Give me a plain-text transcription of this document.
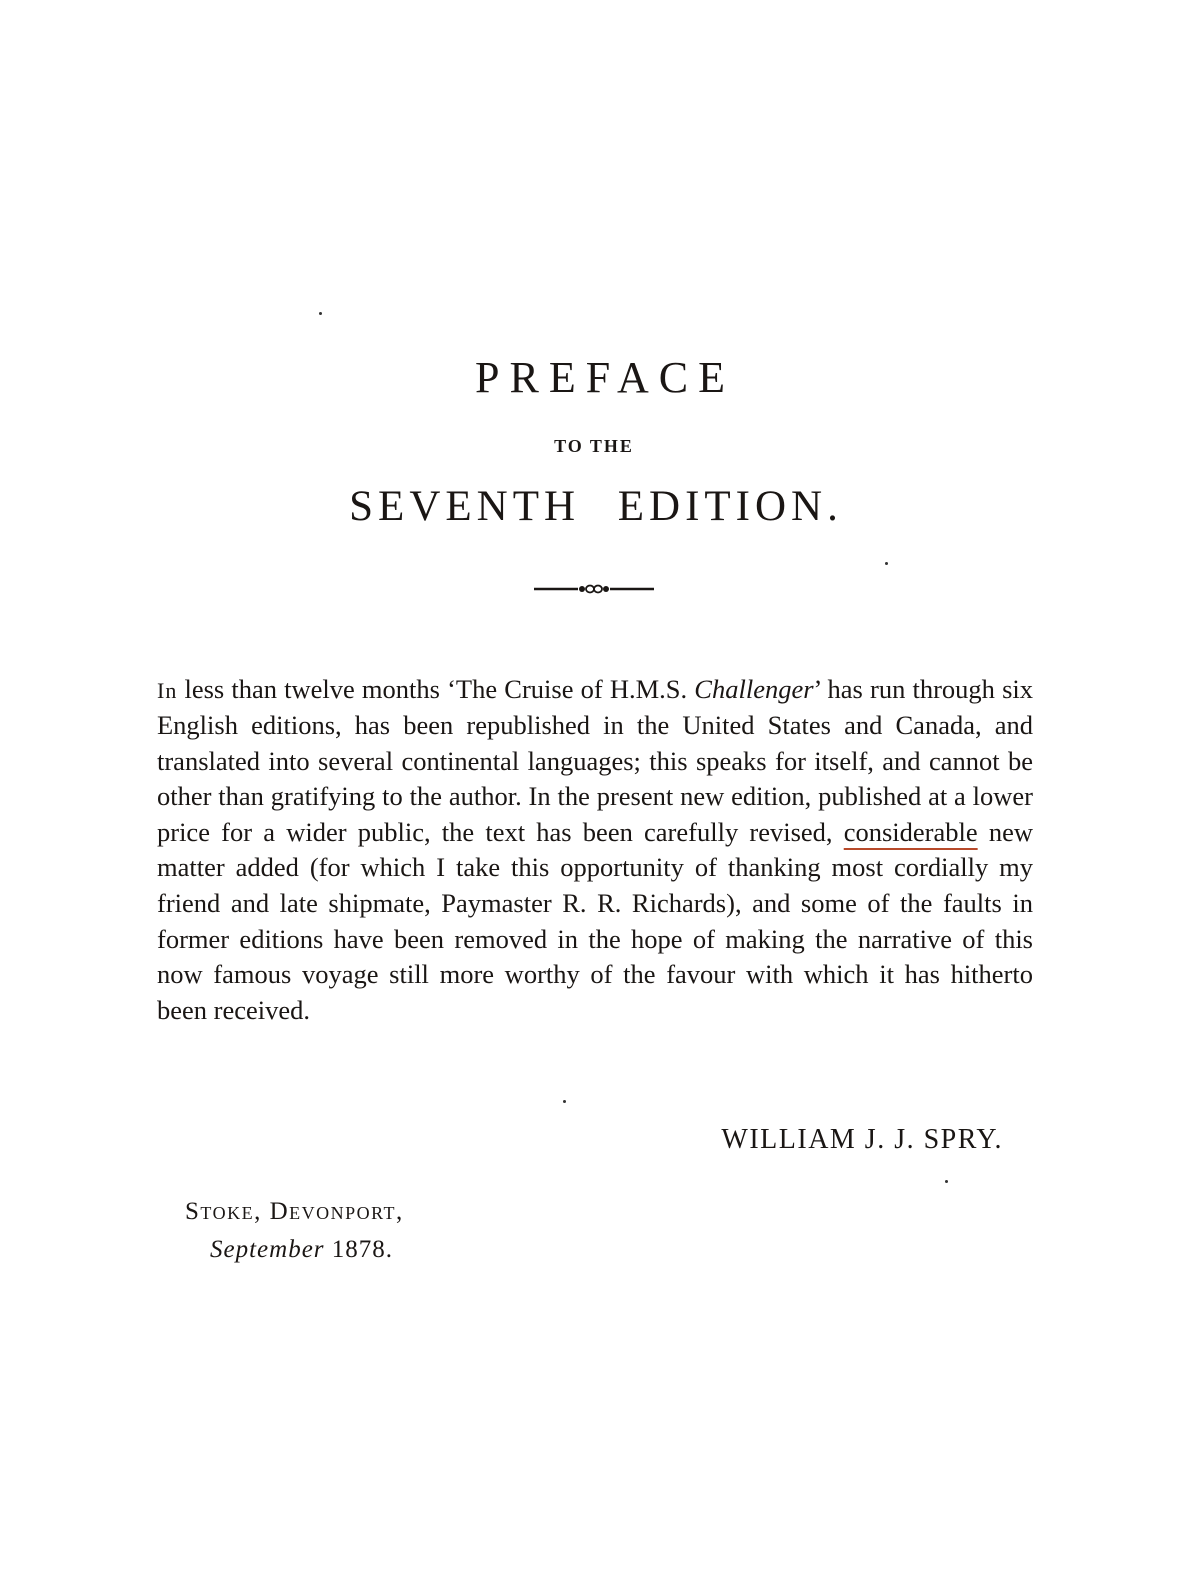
PREFACE
TO THE
SEVENTH EDITION.

In less than twelve months ‘The Cruise of H.M.S. Challenger’ has run through six English editions, has been republished in the United States and Canada, and translated into several continental languages; this speaks for itself, and cannot be other than gratifying to the author. In the present new edition, published at a lower price for a wider public, the text has been carefully revised, considerable new matter added (for which I take this opportunity of thanking most cordially my friend and late shipmate, Paymaster R. R. Richards), and some of the faults in former editions have been removed in the hope of making the narrative of this now famous voyage still more worthy of the favour with which it has hitherto been received.

WILLIAM J. J. SPRY.
Stoke, Devonport,
September 1878.
